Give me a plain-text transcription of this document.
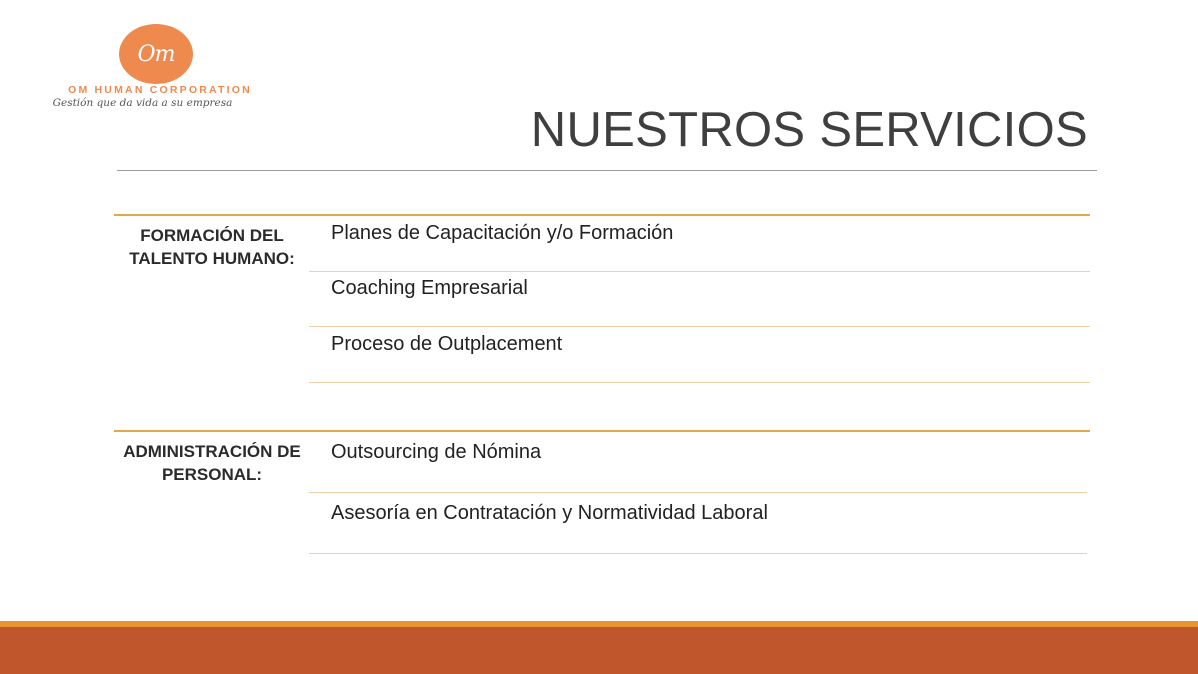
Om
OM HUMAN CORPORATION
Gestión que da vida a su empresa	NUESTROS SERVICIOS
FORMACIÓN DEL TALENTO HUMANO:
Planes de Capacitación y/o Formación
Coaching Empresarial
Proceso de Outplacement
ADMINISTRACIÓN DE PERSONAL:
Outsourcing de Nómina
Asesoría en Contratación y Normatividad Laboral
